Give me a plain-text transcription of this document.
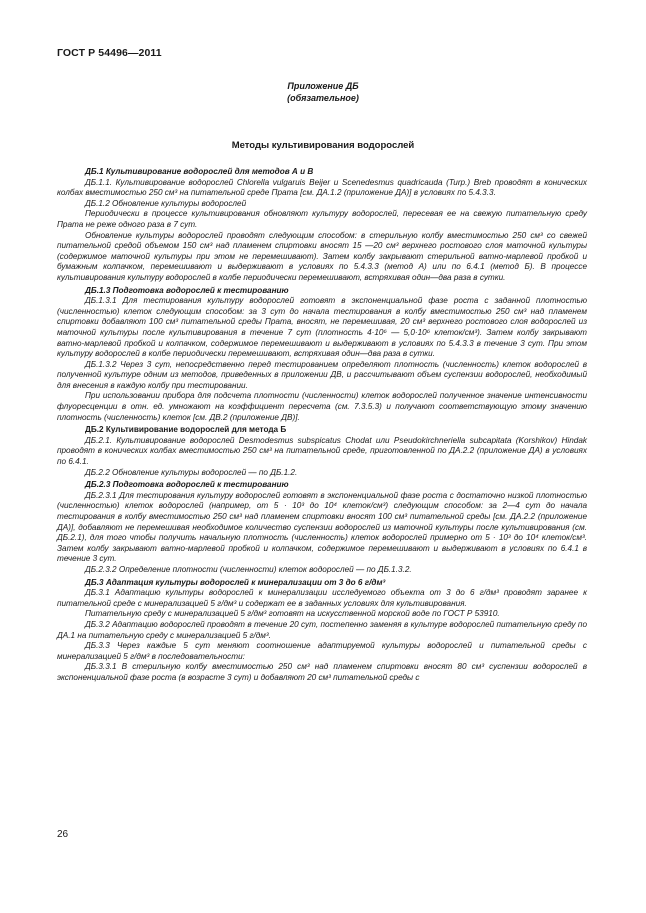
ГОСТ Р 54496—2011
Приложение ДБ
(обязательное)
Методы культивирования водорослей

ДБ.1 Культивирование водорослей для методов А и В

ДБ.1.1. Культивирование водорослей Chlorella vulgaruis Beijer и Scenedesmus quadricauda (Turp.) Breb проводят в конических колбах вместимостью 250 см³ на питательной среде Прата [см. ДА.1.2 (приложение ДА)] в условиях по 5.4.3.3.

ДБ.1.2 Обновление культуры водорослей

Периодически в процессе культивирования обновляют культуру водорослей, пересевая ее на свежую питательную среду Прата не реже одного раза в 7 сут.

Обновление культуры водорослей проводят следующим способом: в стерильную колбу вместимостью 250 см³ со свежей питательной средой объемом 150 см³ над пламенем спиртовки вносят 15 —20 см³ верхнего ростового слоя маточной культуры (содержимое маточной культуры при этом не перемешивают). Затем колбу закрывают стерильной ватно-марлевой пробкой и бумажным колпачком, перемешивают и выдерживают в условиях по 5.4.3.3 (метод А) или по 6.4.1 (метод Б). В процессе культивирования культуру водорослей в колбе периодически перемешивают, встряхивая один—два раза в сутки.

ДБ.1.3 Подготовка водорослей к тестированию

ДБ.1.3.1 Для тестирования культуру водорослей готовят в экспоненциальной фазе роста с заданной плотностью (численностью) клеток следующим способом: за 3 сут до начала тестирования в колбу вместимостью 250 см³ над пламенем спиртовки добавляют 100 см³ питательной среды Прата, вносят, не перемешивая, 20 см³ верхнего ростового слоя водорослей из маточной культуры после культивирования в течение 7 сут (плотность 4·10⁶ — 5,0·10⁶ клеток/см³). Затем колбу закрывают ватно-марлевой пробкой и колпачком, содержимое перемешивают и выдерживают в условиях по 5.4.3.3 в течение 3 сут. При этом культуру водорослей в колбе периодически перемешивают, встряхивая один—два раза в сутки.

ДБ.1.3.2 Через 3 сут, непосредственно перед тестированием определяют плотность (численность) клеток водорослей в полученной культуре одним из методов, приведенных в приложении ДВ, и рассчитывают объем суспензии водорослей, необходимый для внесения в каждую колбу при тестировании.

При использовании прибора для подсчета плотности (численности) клеток водорослей полученное значение интенсивности флуоресценции в отн. ед. умножают на коэффициент пересчета (см. 7.3.5.3) и получают соответствующую этому значению плотность (численность) клеток [см. ДВ.2 (приложение ДВ)].

ДБ.2 Культивирование водорослей для метода Б

ДБ.2.1. Культивирование водорослей Desmodesmus subspicatus Chodat или Pseudokirchneriella subcapitata (Korshikov) Hindak проводят в конических колбах вместимостью 250 см³ на питательной среде, приготовленной по ДА.2.2 (приложение ДА) в условиях по 6.4.1.

ДБ.2.2 Обновление культуры водорослей — по ДБ.1.2.

ДБ.2.3 Подготовка водорослей к тестированию

ДБ.2.3.1 Для тестирования культуру водорослей готовят в экспоненциальной фазе роста с достаточно низкой плотностью (численностью) клеток водорослей (например, от 5 · 10³ до 10⁴ клеток/см³) следующим способом: за 2—4 сут до начала тестирования в колбу вместимостью 250 см³ над пламенем спиртовки вносят 100 см³ питательной среды [см. ДА.2.2 (приложение ДА)], добавляют не перемешивая необходимое количество суспензии водорослей из маточной культуры после культивирования (см. ДБ.2.1), для того чтобы получить начальную плотность (численность) клеток водорослей примерно от 5 · 10³ до 10⁴ клеток/см³. Затем колбу закрывают ватно-марлевой пробкой и колпачком, содержимое перемешивают и выдерживают в условиях по 6.4.1 в течение 3 сут.

ДБ.2.3.2 Определение плотности (численности) клеток водорослей — по ДБ.1.3.2.

ДБ.3 Адаптация культуры водорослей к минерализации от 3 до 6 г/дм³

ДБ.3.1 Адаптацию культуры водорослей к минерализации исследуемого объекта от 3 до 6 г/дм³ проводят заранее к питательной среде с минерализацией 5 г/дм³ и содержат ее в заданных условиях для культивирования.

Питательную среду с минерализацией 5 г/дм³ готовят на искусственной морской воде по ГОСТ Р 53910.

ДБ.3.2 Адаптацию водорослей проводят в течение 20 сут, постепенно заменяя в культуре водорослей питательную среду по ДА.1 на питательную среду с минерализацией 5 г/дм³.

ДБ.3.3 Через каждые 5 сут меняют соотношение адаптируемой культуры водорослей и питательной среды с минерализацией 5 г/дм³ в последовательности:

ДБ.3.3.1 В стерильную колбу вместимостью 250 см³ над пламенем спиртовки вносят 80 см³ суспензии водорослей в экспоненциальной фазе роста (в возрасте 3 сут) и добавляют 20 см³ питательной среды с

26
